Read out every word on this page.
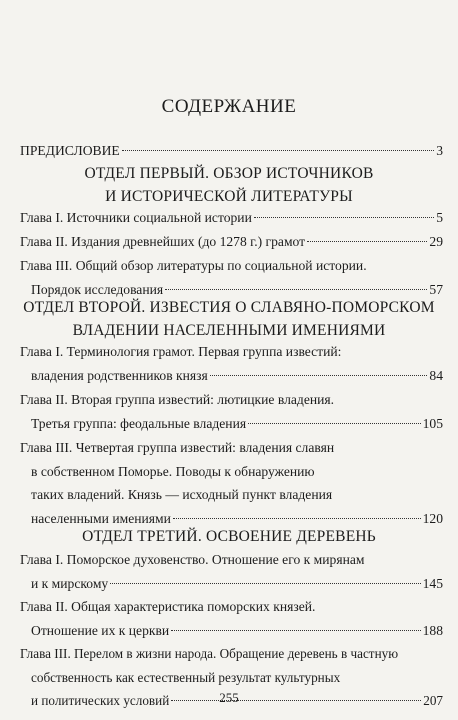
СОДЕРЖАНИЕ
ПРЕДИСЛОВИЕ	3
ОТДЕЛ ПЕРВЫЙ. ОБЗОР ИСТОЧНИКОВ
И ИСТОРИЧЕСКОЙ ЛИТЕРАТУРЫ
Глава I. Источники социальной истории	5
Глава II. Издания древнейших (до 1278 г.) грамот	29
Глава III. Общий обзор литературы по социальной истории.
Порядок исследования	57
ОТДЕЛ ВТОРОЙ. ИЗВЕСТИЯ О СЛАВЯНО-ПОМОРСКОМ
ВЛАДЕНИИ НАСЕЛЕННЫМИ ИМЕНИЯМИ
Глава I. Терминология грамот. Первая группа известий:
владения родственников князя	84
Глава II. Вторая группа известий: лютицкие владения.
Третья группа: феодальные владения	105
Глава III. Четвертая группа известий: владения славян
в собственном Поморье. Поводы к обнаружению
таких владений. Князь — исходный пункт владения
населенными имениями	120
ОТДЕЛ ТРЕТИЙ. ОСВОЕНИЕ ДЕРЕВЕНЬ
Глава I. Поморское духовенство. Отношение его к мирянам
и к мирскому	145
Глава II. Общая характеристика поморских князей.
Отношение их к церкви	188
Глава III. Перелом в жизни народа. Обращение деревень в частную
собственность как естественный результат культурных
и политических условий	207
255
